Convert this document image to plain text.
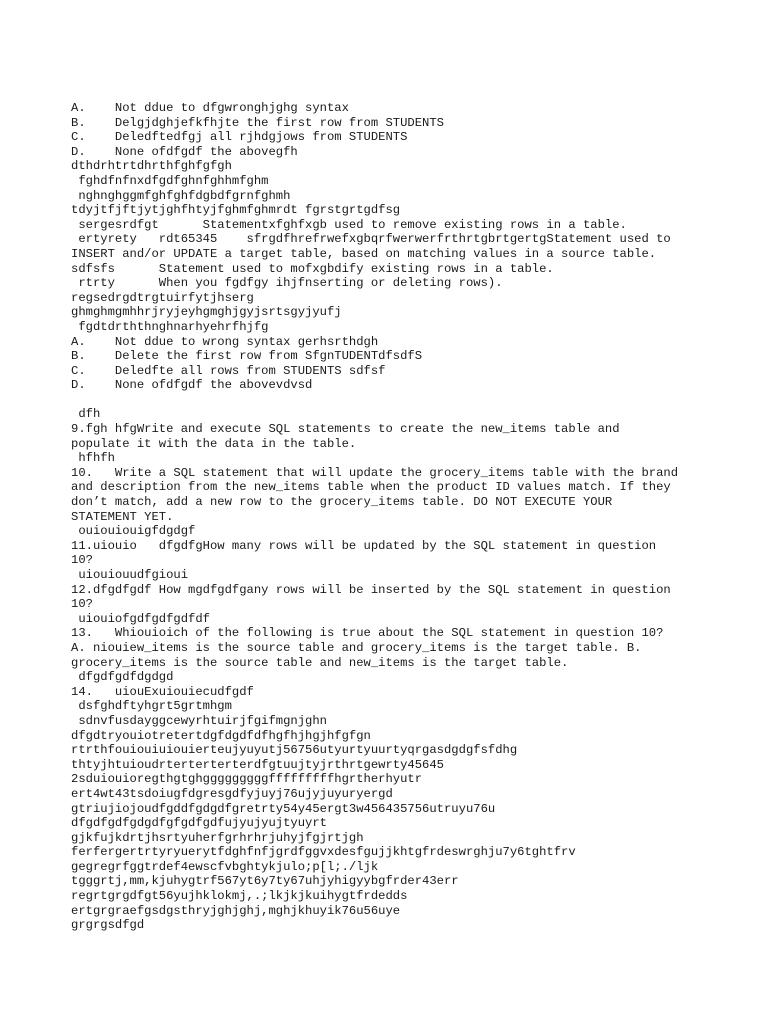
A.    Not ddue to dfgwronghjghg syntax
B.    Delgjdghjefkfhjte the first row from STUDENTS
C.    Deledftedfgj all rjhdgjows from STUDENTS
D.    None ofdfgdf the abovegfh
dthdrhtrtdhrthfghfgfgh
fghdfnfnxdfgdfghnfghhmfghm
nghnghggmfghfghfdgbdfgrnfghmh
tdyjtfjftjytjghfhtyjfghmfghmrdt fgrstgrtgdfsg
sergesrdfgt      Statementxfghfxgb used to remove existing rows in a table.
ertyrety   rdt65345    sfrgdfhrefrwefxgbqrfwerwerfrthrtgbrtgertgStatement used to
INSERT and/or UPDATE a target table, based on matching values in a source table.
sdfsfs      Statement used to mofxgbdify existing rows in a table.
rtrty      When you fgdfgy ihjfnserting or deleting rows).
regsedrgdtrgtuirfytjhserg
ghmghmgmhhrjryjeyhgmghjgyjsrtsgyjyufj
fgdtdrththnghnarhyehrfhjfg
A.    Not ddue to wrong syntax gerhsrthdgh
B.    Delete the first row from SfgnTUDENTdfsdfS
C.    Deledfte all rows from STUDENTS sdfsf
D.    None ofdfgdf the abovevdvsd
dfh
9.fgh hfgWrite and execute SQL statements to create the new_items table and
populate it with the data in the table.
hfhfh
10.   Write a SQL statement that will update the grocery_items table with the brand
and description from the new_items table when the product ID values match. If they
don’t match, add a new row to the grocery_items table. DO NOT EXECUTE YOUR
STATEMENT YET.
ouiouiouigfdgdgf
11.uiouio   dfgdfgHow many rows will be updated by the SQL statement in question
10?
uiouiouudfgioui
12.dfgdfgdf How mgdfgdfgany rows will be inserted by the SQL statement in question
10?
uiouiofgdfgdfgdfdf
13.   Whiouioich of the following is true about the SQL statement in question 10?
A. niouiew_items is the source table and grocery_items is the target table. B.
grocery_items is the source table and new_items is the target table.
dfgdfgdfdgdgd
14.   uiouExuiouiecudfgdf
dsfghdftyhgrt5grtmhgm
sdnvfusdayggcewyrhtuirjfgifmgnjghn
dfgdtryouiotretertdgfdgdfdfhgfhjhgjhfgfgn
rtrthfouiouiuiouierteujyuyutj56756utyurtyuurtyqrgasdgdgfsfdhg
thtyjhtuioudrterterterterdfgtuujtyjrthrtgewrty45645
2sduiouioregthgtghgggggggggfffffffffhgrtherhyutr
ert4wt43tsdoiugfdgresgdfyjuyj76ujyjuyuryergd
gtriujiojoudfgddfgdgdfgretrty54y45ergt3w456435756utruyu76u
dfgdfgdfgdgdfgfgdfgdfujyujyujtyuyrt
gjkfujkdrtjhsrtyuherfgrhrhrjuhyjfgjrtjgh
ferfergertrtyryuerytfdghfnfjgrdfggvxdesfgujjkhtgfrdeswrghju7y6tghtfrv
gegregrfggtrdef4ewscfvbghtykjulo;p[l;./ljk
tgggrtj,mm,kjuhygtrf567yt6y7ty67uhjyhigyybgfrder43err
regrtgrgdfgt56yujhklokmj,.;lkjkjkuihygtfrdedds
ertgrgraefgsdgsthryjghjghj,mghjkhuyik76u56uye
grgrgsdfgd
